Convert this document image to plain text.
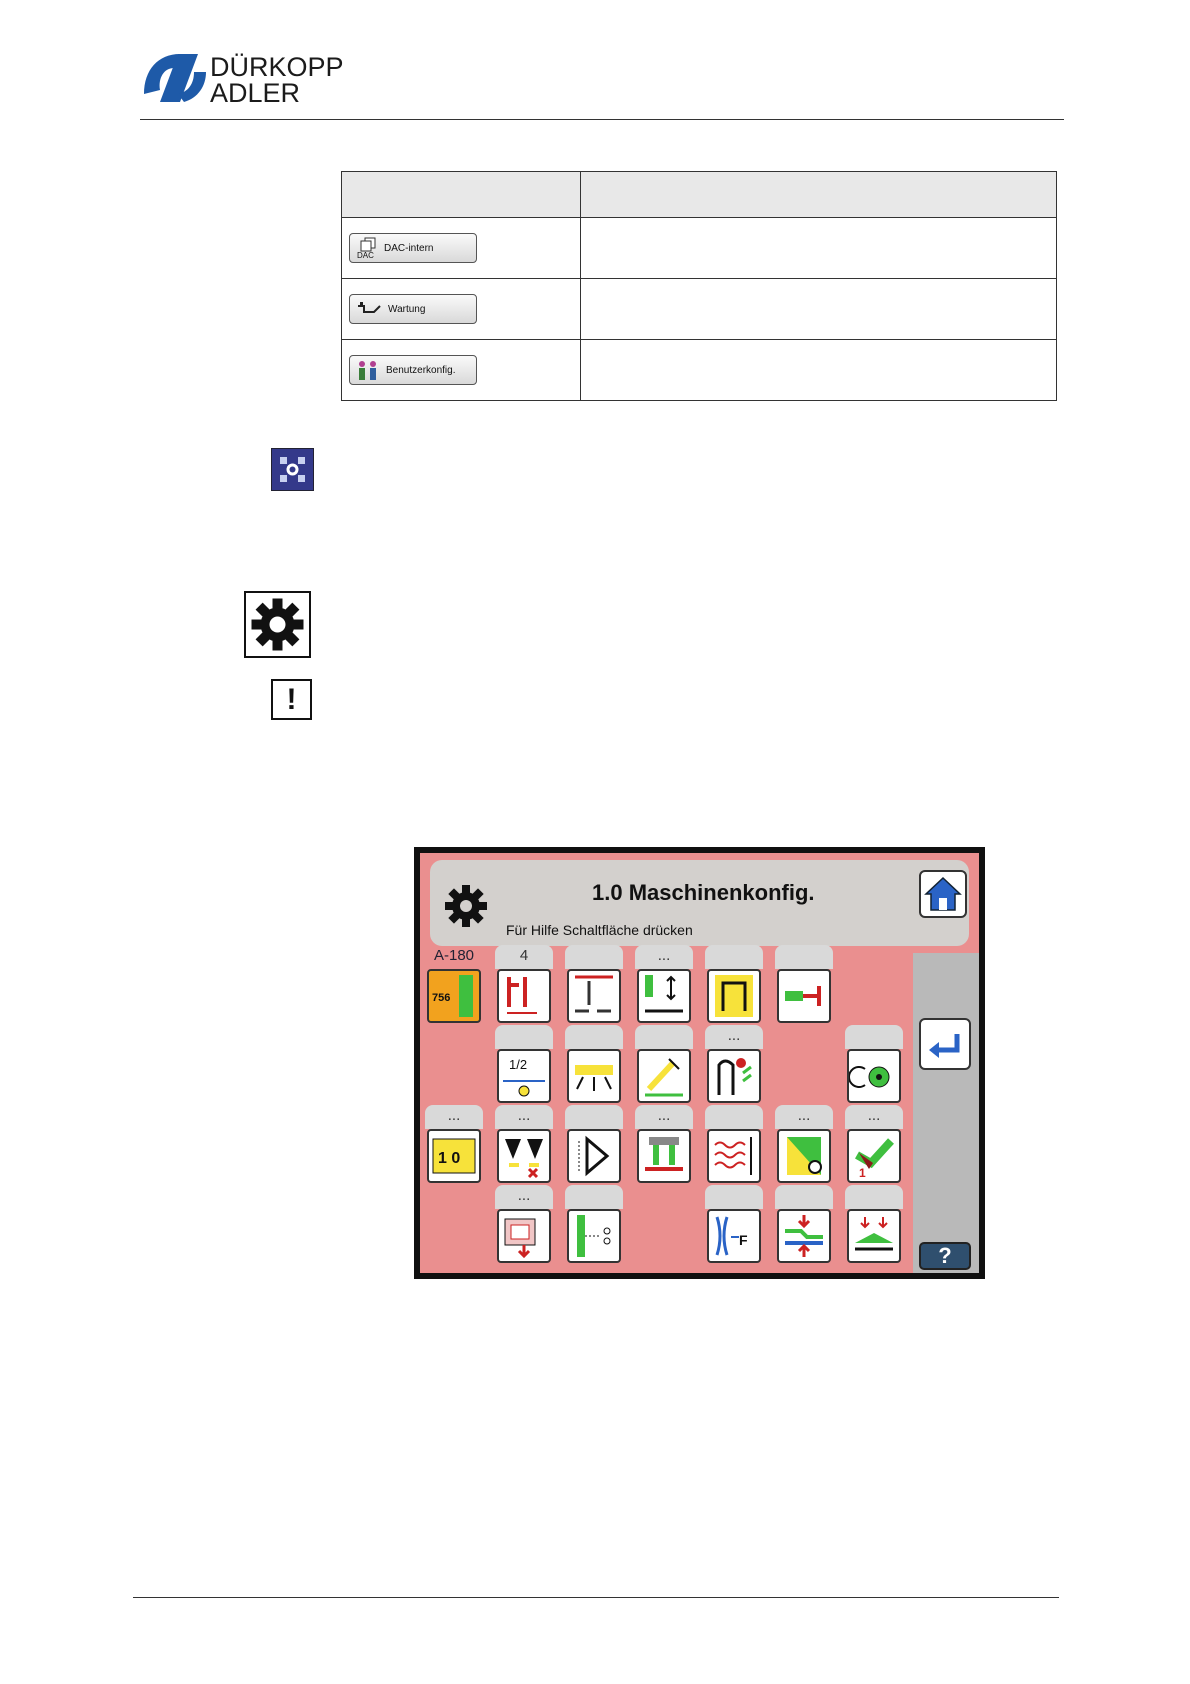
DÜRKOPP
ADLER

DAC
DAC-intern	

Wartung	

Benutzerkonfig.	

!
1.0 Maschinenkonfig.
Für Hilfe Schaltfläche drücken
?
A-180
756
4	...
1/2
...
...
1 0
...	...	...	...
1
...
F
